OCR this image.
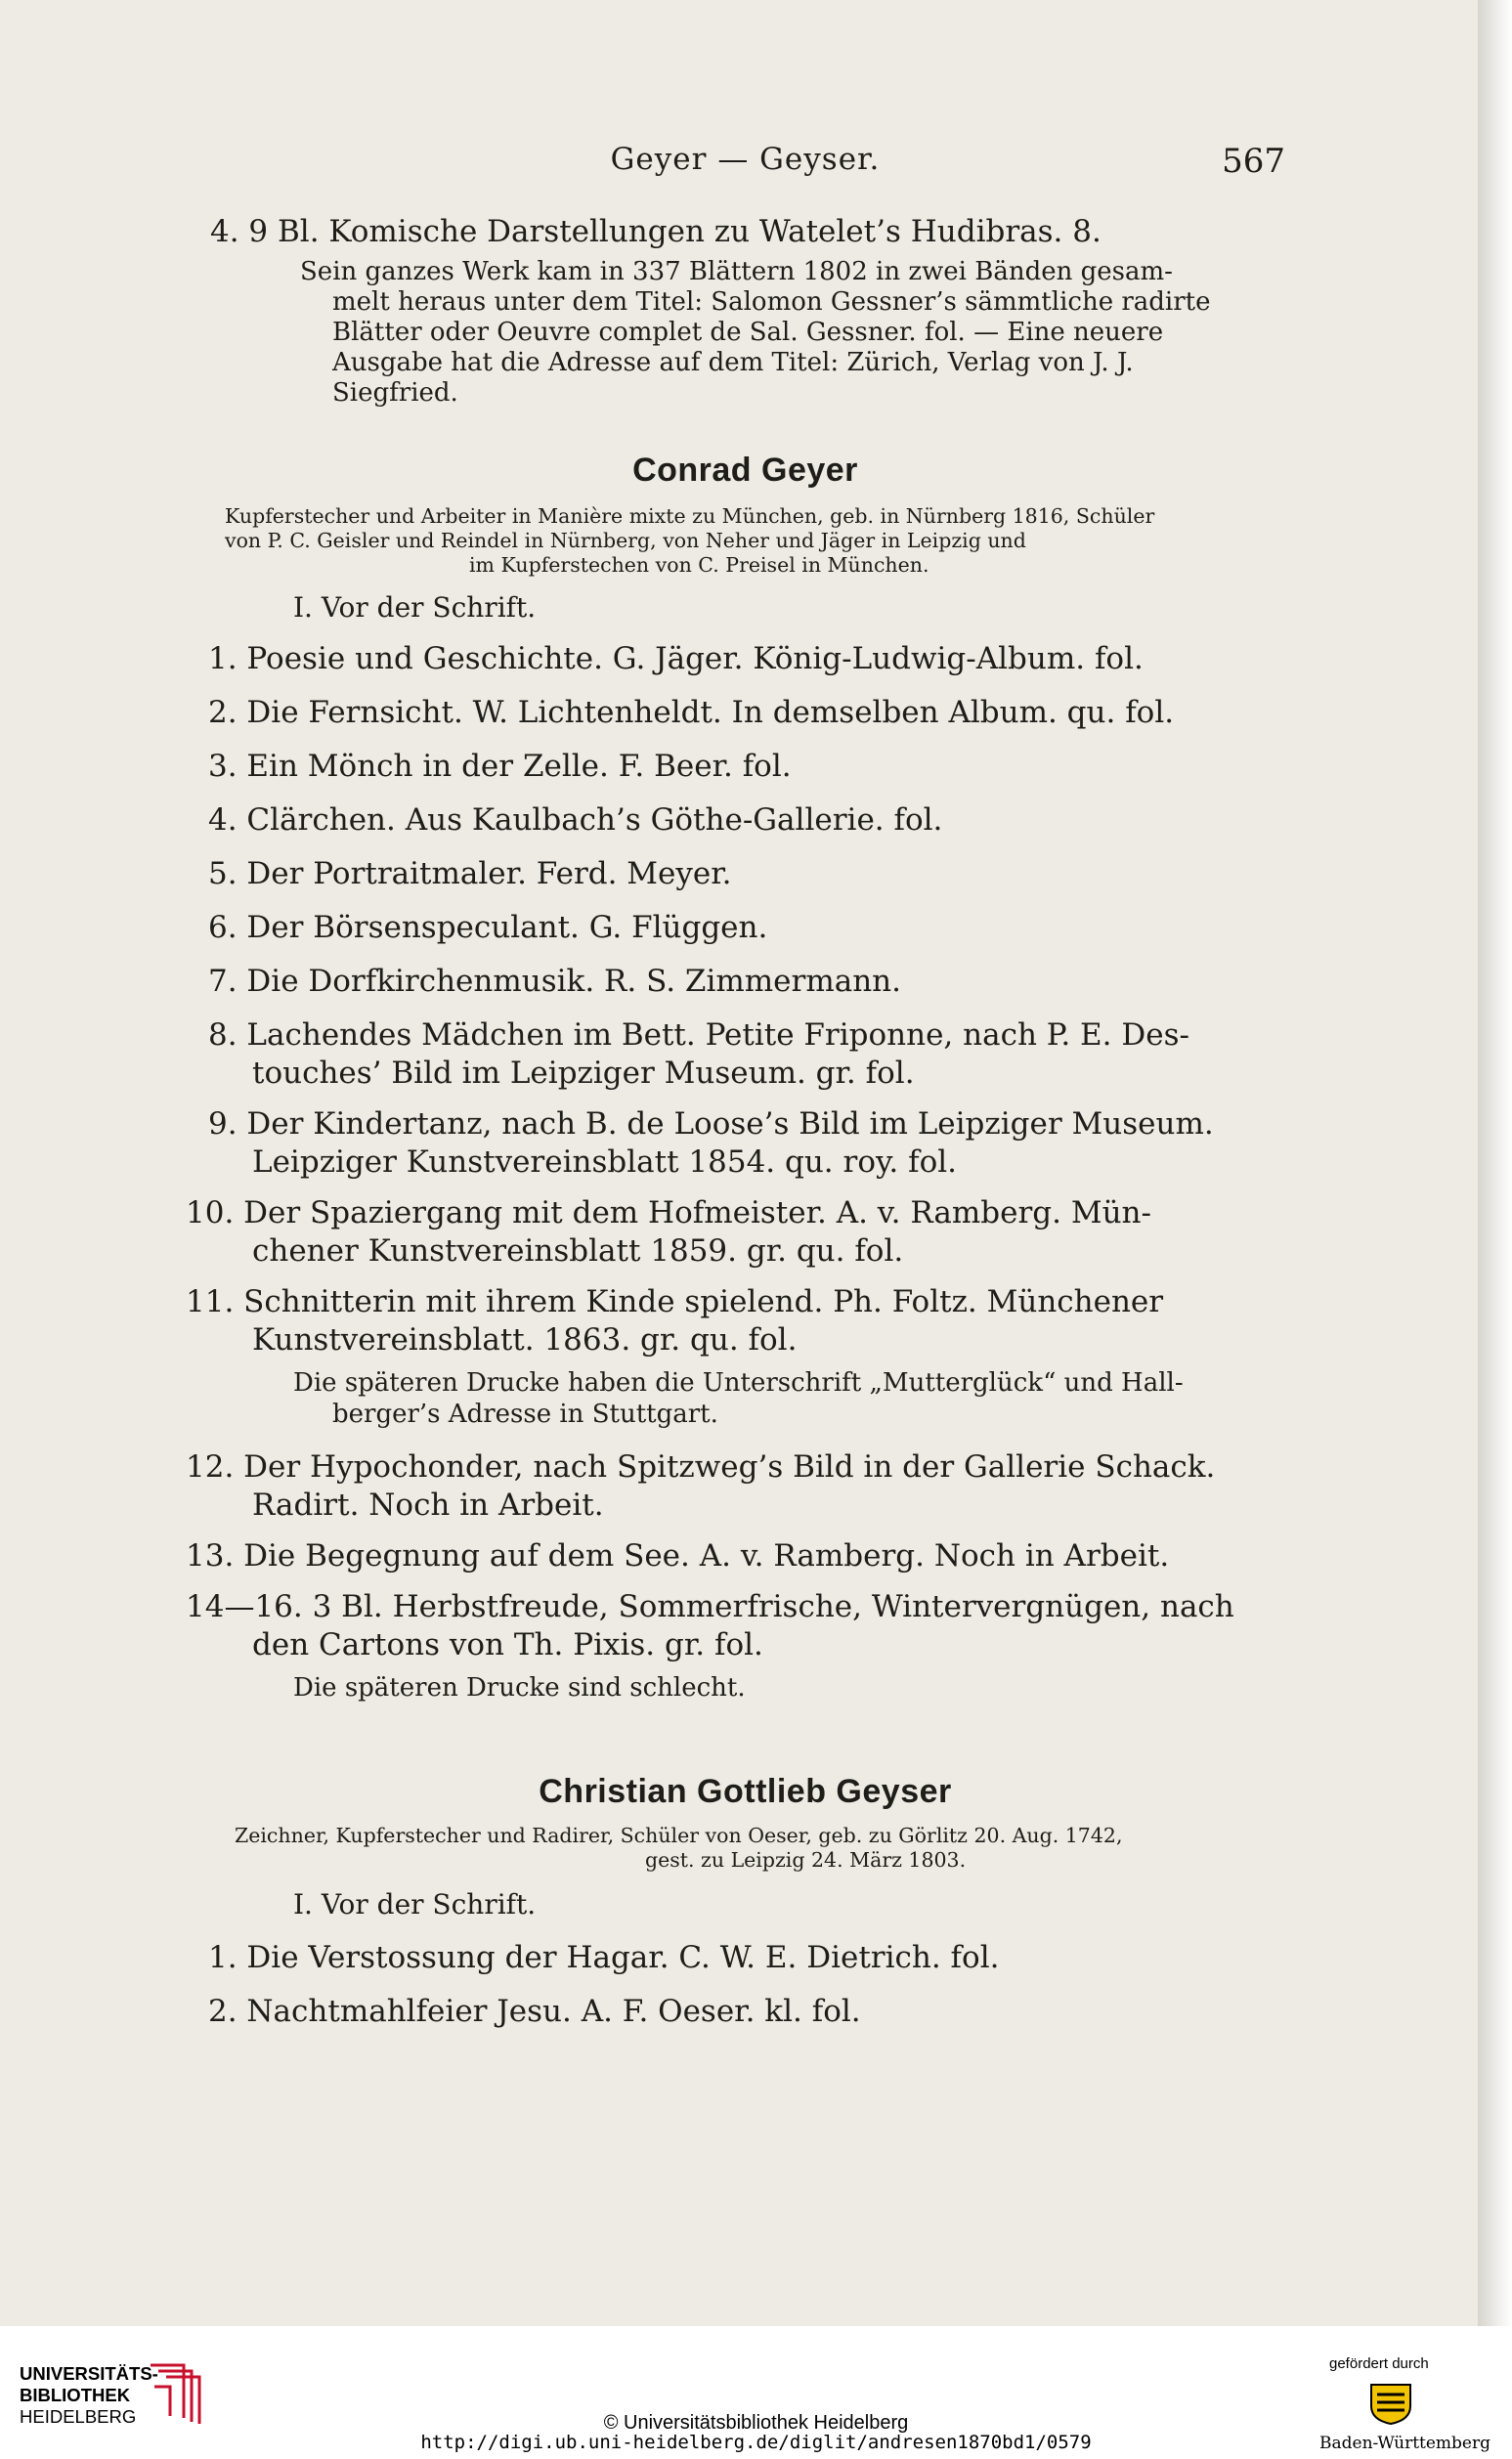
Geyer — Geyser.	567
4. 9 Bl. Komische Darstellungen zu Watelet’s Hudibras. 8.
Sein ganzes Werk kam in 337 Blättern 1802 in zwei Bänden gesam-
melt heraus unter dem Titel: Salomon Gessner’s sämmtliche radirte
Blätter oder Oeuvre complet de Sal. Gessner. fol. — Eine neuere
Ausgabe hat die Adresse auf dem Titel: Zürich, Verlag von J. J.
Siegfried.
Conrad Geyer
Kupferstecher und Arbeiter in Manière mixte zu München, geb. in Nürnberg 1816, Schüler
von P. C. Geisler und Reindel in Nürnberg, von Neher und Jäger in Leipzig und
im Kupferstechen von C. Preisel in München.
I. Vor der Schrift.
1. Poesie und Geschichte. G. Jäger. König-Ludwig-Album. fol.
2. Die Fernsicht. W. Lichtenheldt. In demselben Album. qu. fol.
3. Ein Mönch in der Zelle. F. Beer. fol.
4. Clärchen. Aus Kaulbach’s Göthe-Gallerie. fol.
5. Der Portraitmaler. Ferd. Meyer.
6. Der Börsenspeculant. G. Flüggen.
7. Die Dorfkirchenmusik. R. S. Zimmermann.
8. Lachendes Mädchen im Bett. Petite Friponne, nach P. E. Des-
touches’ Bild im Leipziger Museum. gr. fol.
9. Der Kindertanz, nach B. de Loose’s Bild im Leipziger Museum.
Leipziger Kunstvereinsblatt 1854. qu. roy. fol.
10. Der Spaziergang mit dem Hofmeister. A. v. Ramberg. Mün-
chener Kunstvereinsblatt 1859. gr. qu. fol.
11. Schnitterin mit ihrem Kinde spielend. Ph. Foltz. Münchener
Kunstvereinsblatt. 1863. gr. qu. fol.
Die späteren Drucke haben die Unterschrift „Mutterglück“ und Hall-
berger’s Adresse in Stuttgart.
12. Der Hypochonder, nach Spitzweg’s Bild in der Gallerie Schack.
Radirt. Noch in Arbeit.
13. Die Begegnung auf dem See. A. v. Ramberg. Noch in Arbeit.
14—16. 3 Bl. Herbstfreude, Sommerfrische, Wintervergnügen, nach
den Cartons von Th. Pixis. gr. fol.
Die späteren Drucke sind schlecht.
Christian Gottlieb Geyser
Zeichner, Kupferstecher und Radirer, Schüler von Oeser, geb. zu Görlitz 20. Aug. 1742,
gest. zu Leipzig 24. März 1803.
I. Vor der Schrift.
1. Die Verstossung der Hagar. C. W. E. Dietrich. fol.
2. Nachtmahlfeier Jesu. A. F. Oeser. kl. fol.
UNIVERSITÄTS-
BIBLIOTHEK
HEIDELBERG	© Universitätsbibliothek Heidelberg
http://digi.ub.uni-heidelberg.de/diglit/andresen1870bd1/0579
gefördert durch
Baden-Württemberg
